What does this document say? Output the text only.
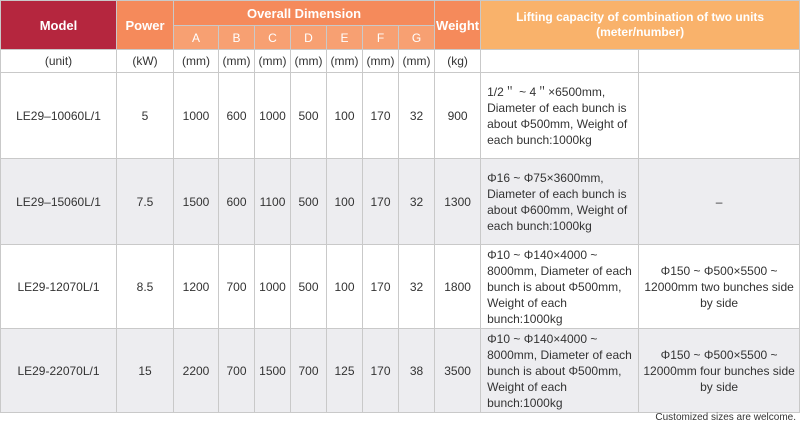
Model	Power	Overall Dimension							Weight	Lifting capacity of combination of two units
(meter/number)	

		A	B	C	D	E	F	G			
(unit)	(kW)	(mm)	(mm)	(mm)	(mm)	(mm)	(mm)	(mm)	(kg)		
LE29–10060L/1	5	1000	600	1000	500	100	170	32	900	1/2＂ ~ 4＂×6500mm, Diameter of each bunch is about Φ500mm, Weight of each bunch:1000kg	
LE29–15060L/1	7.5	1500	600	1100	500	100	170	32	1300	Φ16 ~ Φ75×3600mm, Diameter of each bunch is about Φ600mm, Weight of each bunch:1000kg	–
LE29-12070L/1	8.5	1200	700	1000	500	100	170	32	1800	Φ10 ~ Φ140×4000 ~ 8000mm, Diameter of each bunch is about Φ500mm, Weight of each bunch:1000kg	Φ150 ~ Φ500×5500 ~ 12000mm two bunches side by side
LE29-22070L/1	15	2200	700	1500	700	125	170	38	3500	Φ10 ~ Φ140×4000 ~ 8000mm, Diameter of each bunch is about Φ500mm, Weight of each bunch:1000kg	Φ150 ~ Φ500×5500 ~ 12000mm four bunches side by side
Customized sizes are welcome.
